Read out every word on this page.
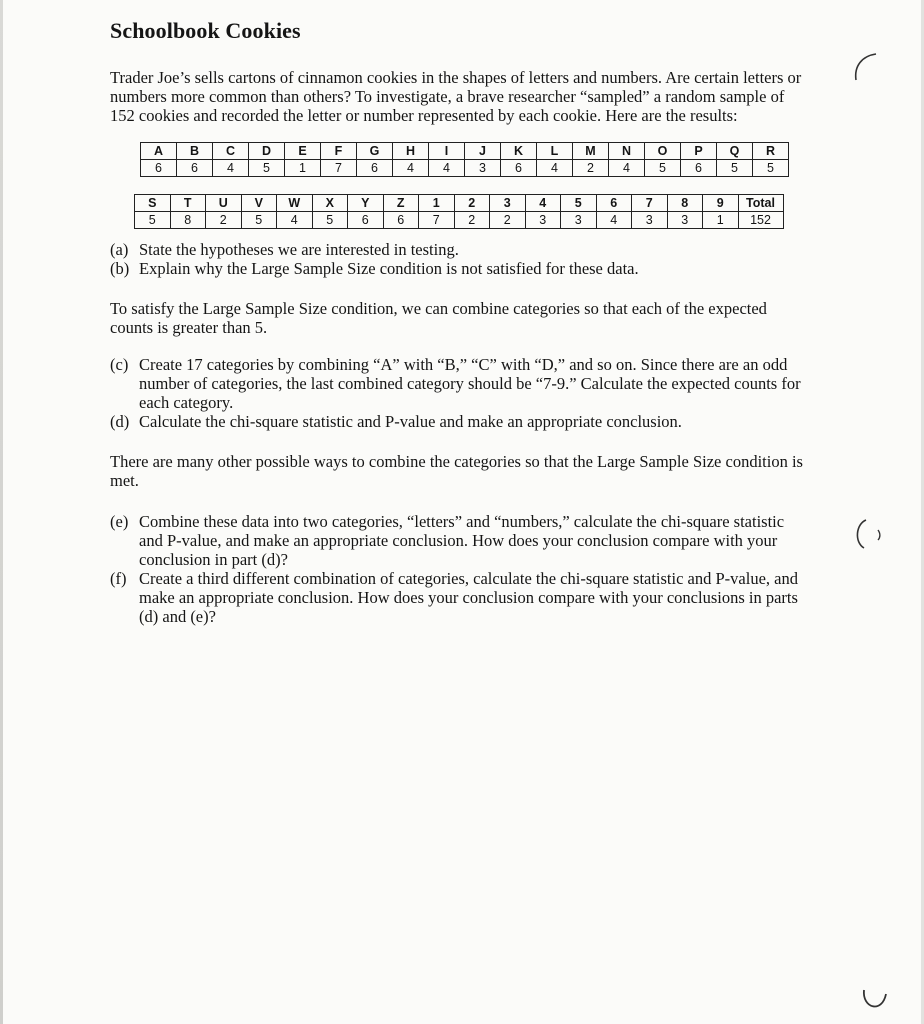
Schoolbook Cookies

Trader Joe’s sells cartons of cinnamon cookies in the shapes of letters and numbers. Are certain letters or numbers more common than others? To investigate, a brave researcher “sampled” a random sample of 152 cookies and recorded the letter or number represented by each cookie. Here are the results:

A	B	C	D	E	F	G	H	I	J	K	L	M	N	O	P	Q	R
6	6	4	5	1	7	6	4	4	3	6	4	2	4	5	6	5	5
S	T	U	V	W	X	Y	Z	1	2	3	4	5	6	7	8	9	Total
5	8	2	5	4	5	6	6	7	2	2	3	3	4	3	3	1	152
(a) State the hypotheses we are interested in testing.
(b) Explain why the Large Sample Size condition is not satisfied for these data.

To satisfy the Large Sample Size condition, we can combine categories so that each of the expected counts is greater than 5.

(c) Create 17 categories by combining “A” with “B,” “C” with “D,” and so on. Since there are an odd number of categories, the last combined category should be “7-9.” Calculate the expected counts for each category.
(d) Calculate the chi-square statistic and P-value and make an appropriate conclusion.

There are many other possible ways to combine the categories so that the Large Sample Size condition is met.

(e) Combine these data into two categories, “letters” and “numbers,” calculate the chi-square statistic and P-value, and make an appropriate conclusion. How does your conclusion compare with your conclusion in part (d)?
(f) Create a third different combination of categories, calculate the chi-square statistic and P-value, and make an appropriate conclusion. How does your conclusion compare with your conclusions in parts (d) and (e)?
